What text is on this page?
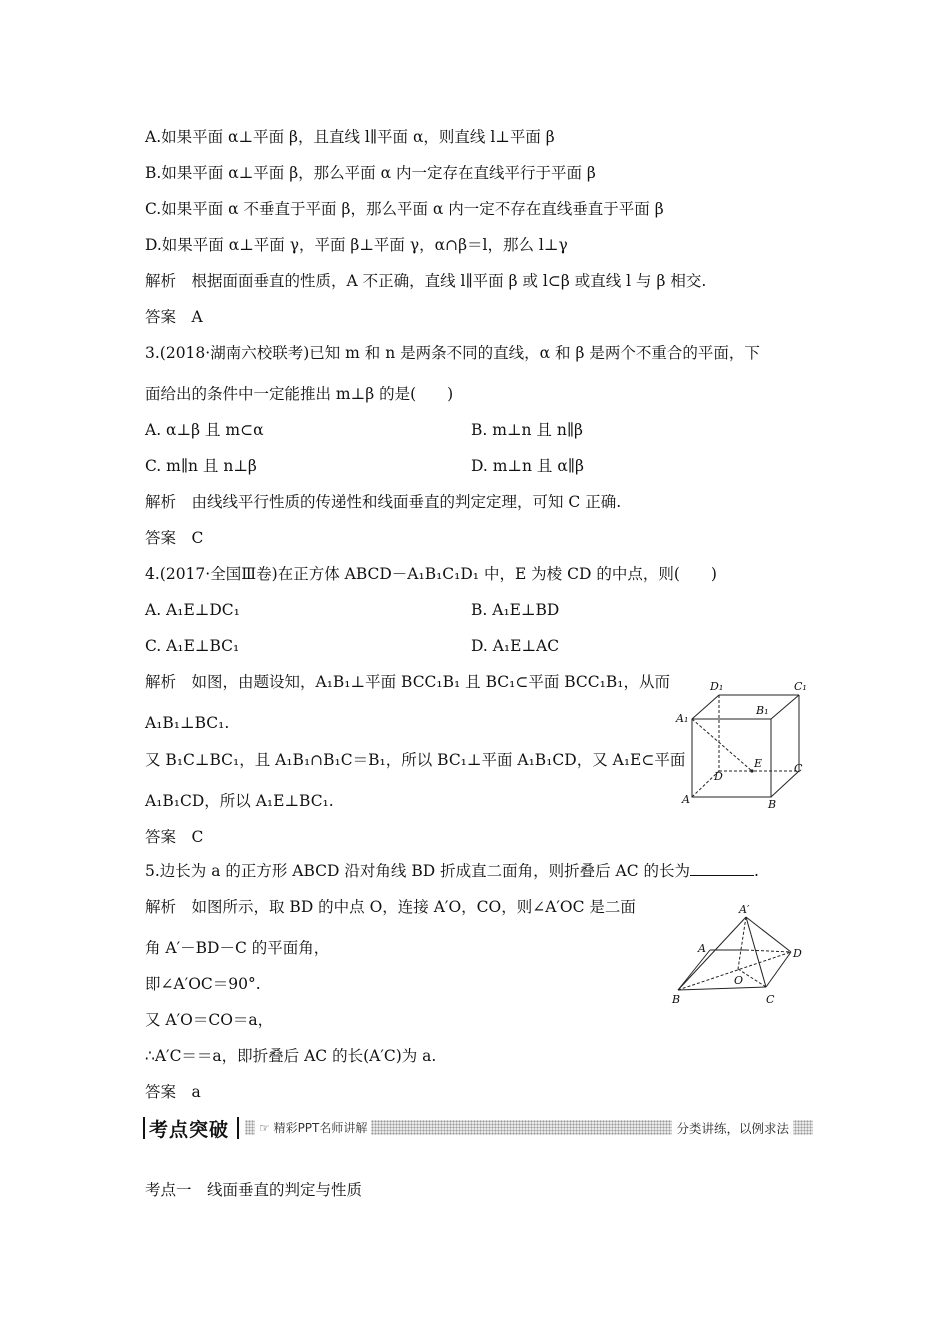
A.如果平面 α⊥平面 β，且直线 l∥平面 α，则直线 l⊥平面 β
B.如果平面 α⊥平面 β，那么平面 α 内一定存在直线平行于平面 β
C.如果平面 α 不垂直于平面 β，那么平面 α 内一定不存在直线垂直于平面 β
D.如果平面 α⊥平面 γ，平面 β⊥平面 γ，α∩β＝l，那么 l⊥γ
解析　根据面面垂直的性质，A 不正确，直线 l∥平面 β 或 l⊂β 或直线 l 与 β 相交.
答案　A
3.(2018·湖南六校联考)已知 m 和 n 是两条不同的直线，α 和 β 是两个不重合的平面，下
面给出的条件中一定能推出 m⊥β 的是(　　)
A. α⊥β 且 m⊂α	B. m⊥n 且 n∥β
C. m∥n 且 n⊥β	D. m⊥n 且 α∥β
解析　由线线平行性质的传递性和线面垂直的判定定理，可知 C 正确.
答案　C
4.(2017·全国Ⅲ卷)在正方体 ABCD－A₁B₁C₁D₁ 中，E 为棱 CD 的中点，则(　　)
A. A₁E⊥DC₁	B. A₁E⊥BD
C. A₁E⊥BC₁	D. A₁E⊥AC
解析　如图，由题设知，A₁B₁⊥平面 BCC₁B₁ 且 BC₁⊂平面 BCC₁B₁，从而
A₁B₁⊥BC₁.
又 B₁C⊥BC₁，且 A₁B₁∩B₁C＝B₁，所以 BC₁⊥平面 A₁B₁CD，又 A₁E⊂平面
A₁B₁CD，所以 A₁E⊥BC₁.
答案　C
D₁	C₁
A₁
B₁
E
D
C
A	B
5.边长为 a 的正方形 ABCD 沿对角线 BD 折成直二面角，则折叠后 AC 的长为	.
解析　如图所示，取 BD 的中点 O，连接 A′O，CO，则∠A′OC 是二面
角 A′－BD－C 的平面角，
即∠A′OC＝90°.
又 A′O＝CO＝a，
∴A′C＝＝a，即折叠后 AC 的长(A′C)为 a.
答案　a
A′
A	D
O
B	C
考点突破	☞ 精彩PPT名师讲解	分类讲练，以例求法
考点一　线面垂直的判定与性质
